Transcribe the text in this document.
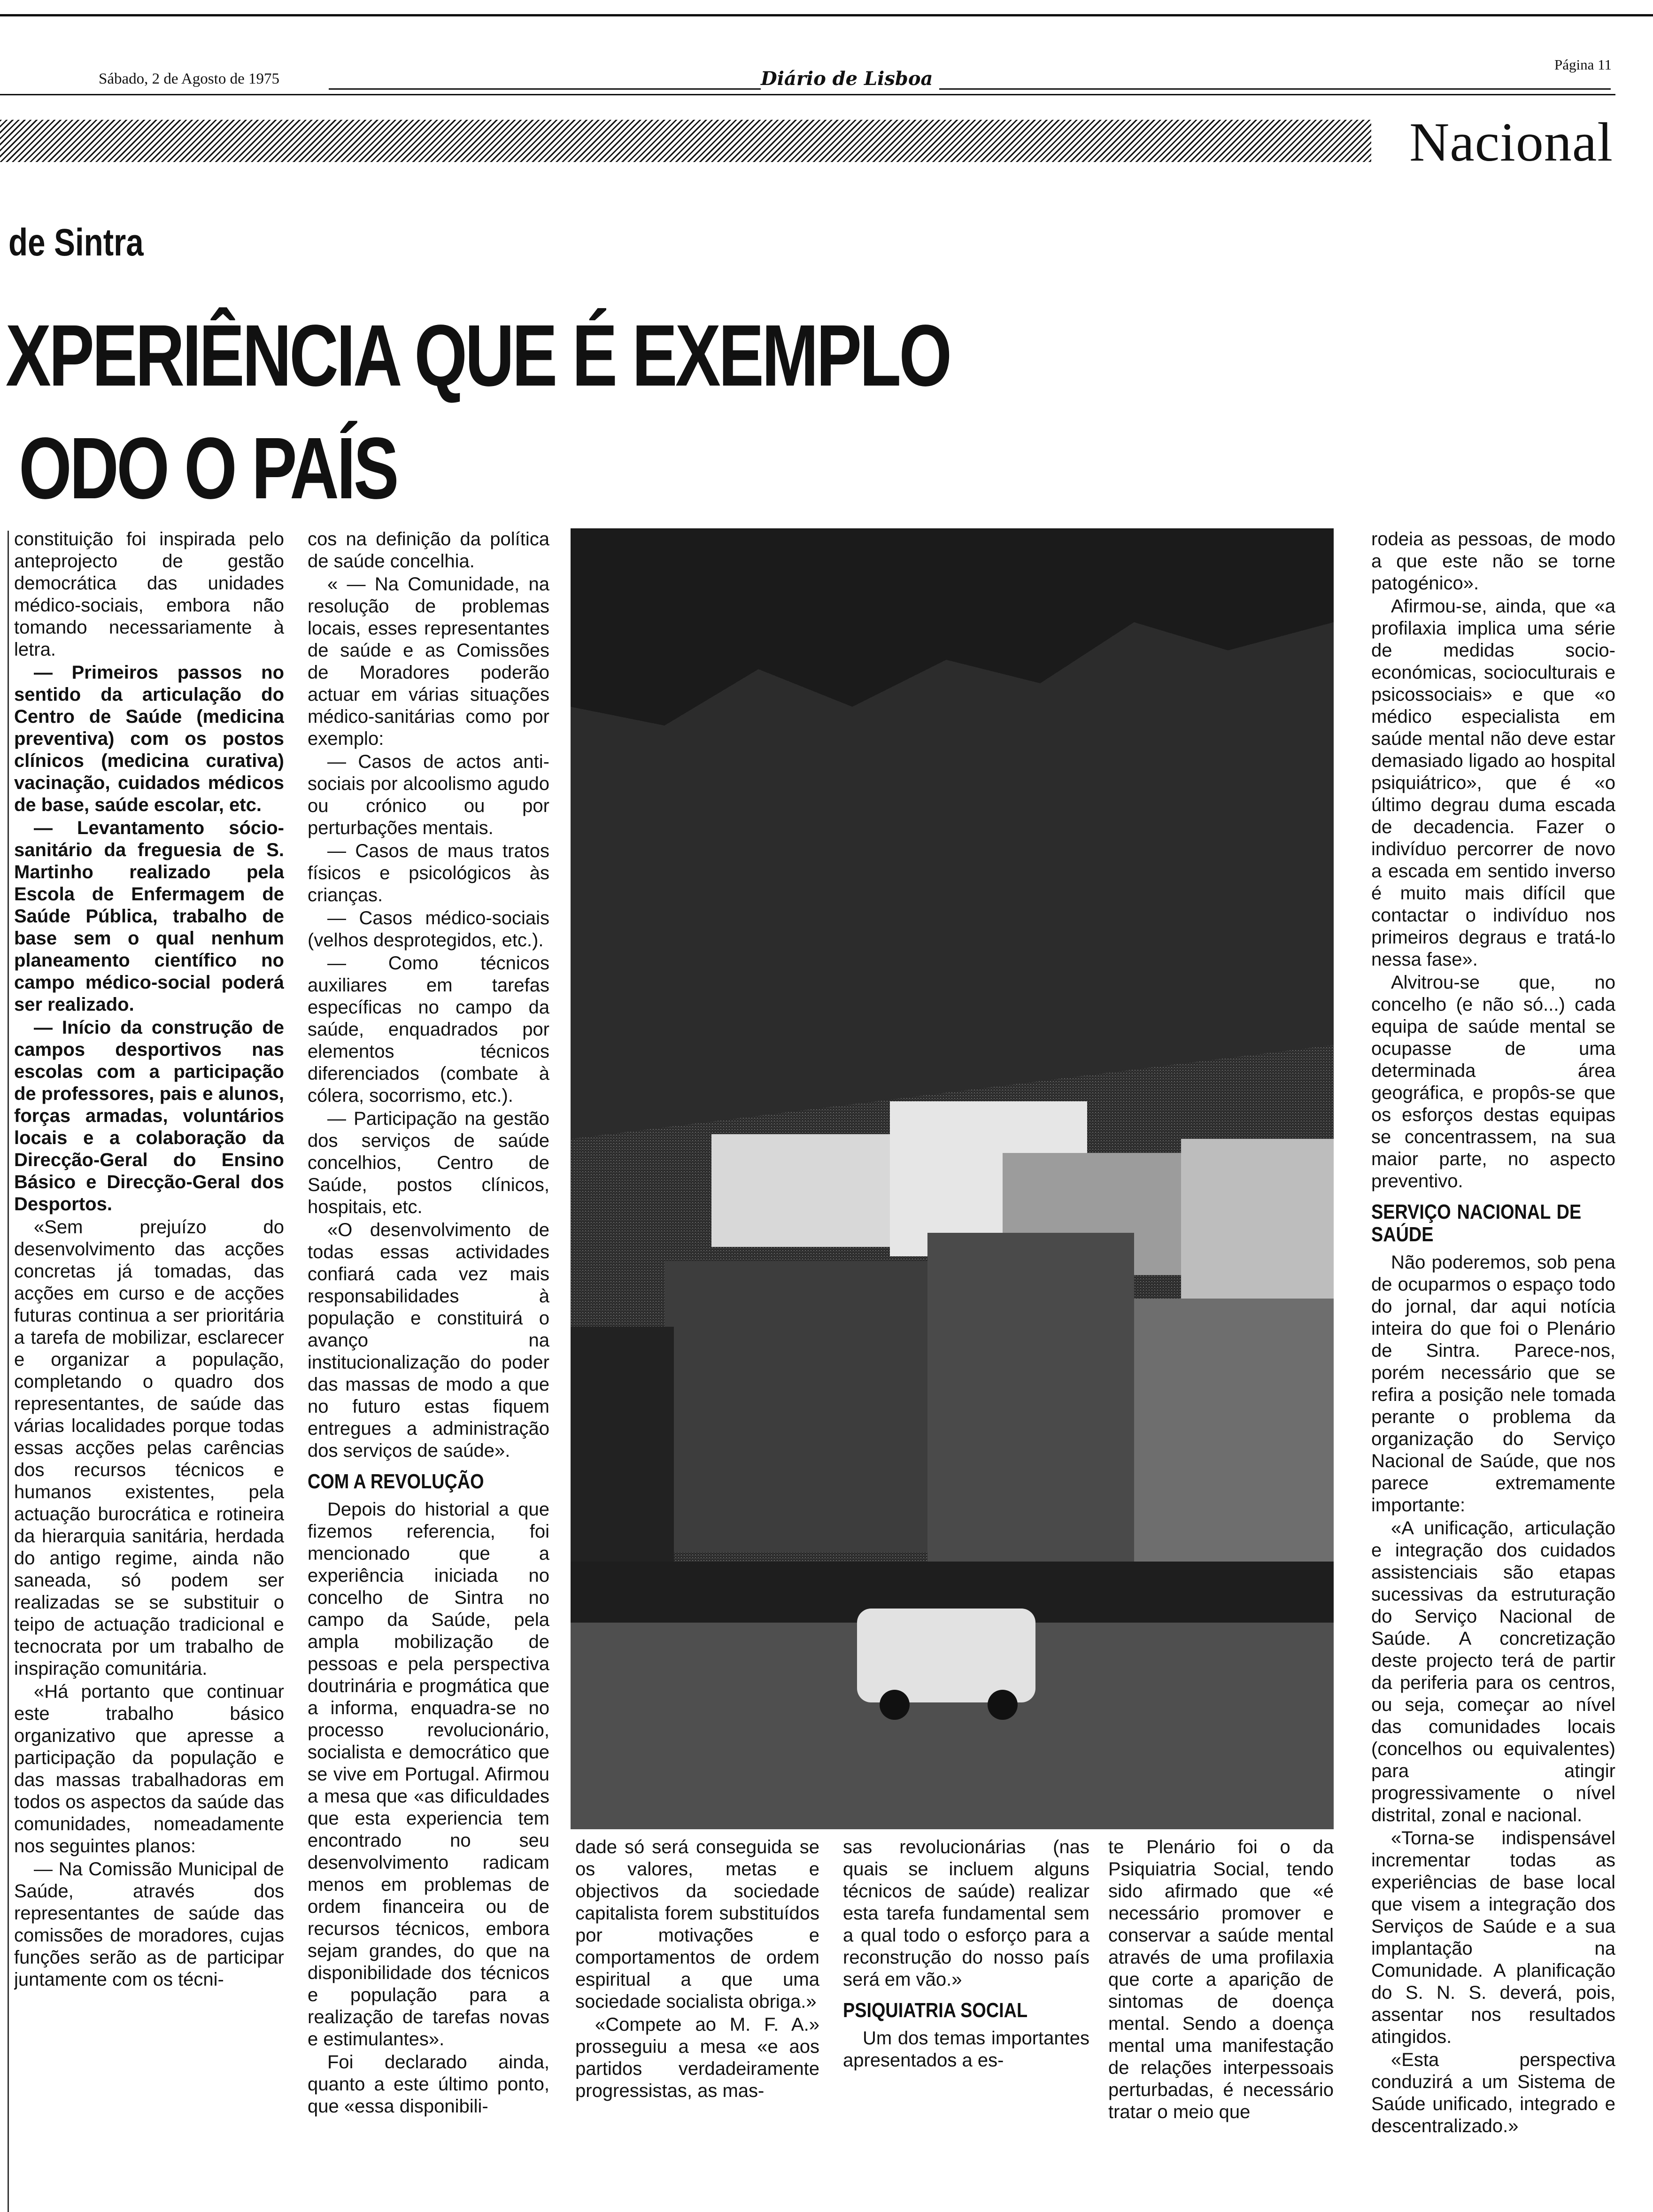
Sábado, 2 de Agosto de 1975	Diário de Lisboa
Página 11
Nacional
de Sintra
XPERIÊNCIA QUE É EXEMPLO
ODO O PAÍS

constituição foi inspirada pelo anteprojecto de gestão democrática das unidades médico-sociais, embora não tomando necessariamente à letra.

— Primeiros passos no sentido da articulação do Centro de Saúde (medicina preventiva) com os postos clínicos (medicina curativa) vacinação, cuidados médicos de base, saúde escolar, etc.

— Levantamento sócio-sanitário da freguesia de S. Martinho realizado pela Escola de Enfermagem de Saúde Pública, trabalho de base sem o qual nenhum planeamento científico no campo médico-social poderá ser realizado.

— Início da construção de campos desportivos nas escolas com a participação de professores, pais e alunos, forças armadas, voluntários locais e a colaboração da Direcção-Geral do Ensino Básico e Direcção-Geral dos Desportos.

«Sem prejuízo do desenvolvimento das acções concretas já tomadas, das acções em curso e de acções futuras continua a ser prioritária a tarefa de mobilizar, esclarecer e organizar a população, completando o quadro dos representantes, de saúde das várias localidades porque todas essas acções pelas carências dos recursos técnicos e humanos existentes, pela actuação burocrática e rotineira da hierarquia sanitária, herdada do antigo regime, ainda não saneada, só podem ser realizadas se se substituir o teipo de actuação tradicional e tecnocrata por um trabalho de inspiração comunitária.

«Há portanto que continuar este trabalho básico organizativo que apresse a participação da população e das massas trabalhadoras em todos os aspectos da saúde das comunidades, nomeadamente nos seguintes planos:

— Na Comissão Municipal de Saúde, através dos representantes de saúde das comissões de moradores, cujas funções serão as de participar juntamente com os técni-

cos na definição da política de saúde concelhia.

« — Na Comunidade, na resolução de problemas locais, esses representantes de saúde e as Comissões de Moradores poderão actuar em várias situações médico-sanitárias como por exemplo:

— Casos de actos anti-sociais por alcoolismo agudo ou crónico ou por perturbações mentais.

— Casos de maus tratos físicos e psicológicos às crianças.

— Casos médico-sociais (velhos desprotegidos, etc.).

— Como técnicos auxiliares em tarefas específicas no campo da saúde, enquadrados por elementos técnicos diferenciados (combate à cólera, socorrismo, etc.).

— Participação na gestão dos serviços de saúde concelhios, Centro de Saúde, postos clínicos, hospitais, etc.

«O desenvolvimento de todas essas actividades confiará cada vez mais responsabilidades à população e constituirá o avanço na institucionalização do poder das massas de modo a que no futuro estas fiquem entregues a administração dos serviços de saúde».

COM A REVOLUÇÃO

Depois do historial a que fizemos referencia, foi mencionado que a experiência iniciada no concelho de Sintra no campo da Saúde, pela ampla mobilização de pessoas e pela perspectiva doutrinária e progmática que a informa, enquadra-se no processo revolucionário, socialista e democrático que se vive em Portugal. Afirmou a mesa que «as dificuldades que esta experiencia tem encontrado no seu desenvolvimento radicam menos em problemas de ordem financeira ou de recursos técnicos, embora sejam grandes, do que na disponibilidade dos técnicos e população para a realização de tarefas novas e estimulantes».

Foi declarado ainda, quanto a este último ponto, que «essa disponibili-

dade só será conseguida se os valores, metas e objectivos da sociedade capitalista forem substituídos por motivações e comportamentos de ordem espiritual a que uma sociedade socialista obriga.»

«Compete ao M. F. A.» prosseguiu a mesa «e aos partidos verdadeiramente progressistas, as mas-

sas revolucionárias (nas quais se incluem alguns técnicos de saúde) realizar esta tarefa fundamental sem a qual todo o esforço para a reconstrução do nosso país será em vão.»

PSIQUIATRIA SOCIAL

Um dos temas importantes apresentados a es-

te Plenário foi o da Psiquiatria Social, tendo sido afirmado que «é necessário promover e conservar a saúde mental através de uma profilaxia que corte a aparição de sintomas de doença mental. Sendo a doença mental uma manifestação de relações interpessoais perturbadas, é necessário tratar o meio que

rodeia as pessoas, de modo a que este não se torne patogénico».

Afirmou-se, ainda, que «a profilaxia implica uma série de medidas socio-económicas, socioculturais e psicossociais» e que «o médico especialista em saúde mental não deve estar demasiado ligado ao hospital psiquiátrico», que é «o último degrau duma escada de decadencia. Fazer o indivíduo percorrer de novo a escada em sentido inverso é muito mais difícil que contactar o indivíduo nos primeiros degraus e tratá-lo nessa fase».

Alvitrou-se que, no concelho (e não só...) cada equipa de saúde mental se ocupasse de uma determinada área geográfica, e propôs-se que os esforços destas equipas se concentrassem, na sua maior parte, no aspecto preventivo.

SERVIÇO NACIONAL DE SAÚDE

Não poderemos, sob pena de ocuparmos o espaço todo do jornal, dar aqui notícia inteira do que foi o Plenário de Sintra. Parece-nos, porém necessário que se refira a posição nele tomada perante o problema da organização do Serviço Nacional de Saúde, que nos parece extremamente importante:

«A unificação, articulação e integração dos cuidados assistenciais são etapas sucessivas da estruturação do Serviço Nacional de Saúde. A concretização deste projecto terá de partir da periferia para os centros, ou seja, começar ao nível das comunidades locais (concelhos ou equivalentes) para atingir progressivamente o nível distrital, zonal e nacional.

«Torna-se indispensável incrementar todas as experiências de base local que visem a integração dos Serviços de Saúde e a sua implantação na Comunidade. A planificação do S. N. S. deverá, pois, assentar nos resultados atingidos.

«Esta perspectiva conduzirá a um Sistema de Saúde unificado, integrado e descentralizado.»
